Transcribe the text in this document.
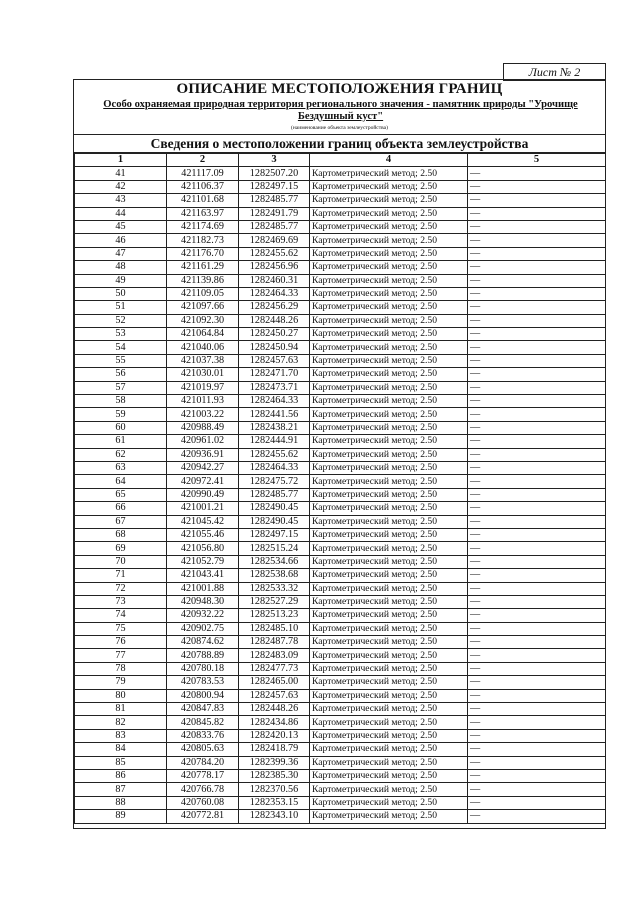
Лист № 2
ОПИСАНИЕ МЕСТОПОЛОЖЕНИЯ ГРАНИЦ
Особо охраняемая природная территория регионального значения - памятник природы "Урочище Бездушный куст"
(наименование объекта землеустройства)
Сведения о местоположении границ объекта землеустройства
1	2	3	4	5
41	421117.09	1282507.20	Картометрический метод; 2.50	—
42	421106.37	1282497.15	Картометрический метод; 2.50	—
43	421101.68	1282485.77	Картометрический метод; 2.50	—
44	421163.97	1282491.79	Картометрический метод; 2.50	—
45	421174.69	1282485.77	Картометрический метод; 2.50	—
46	421182.73	1282469.69	Картометрический метод; 2.50	—
47	421176.70	1282455.62	Картометрический метод; 2.50	—
48	421161.29	1282456.96	Картометрический метод; 2.50	—
49	421139.86	1282460.31	Картометрический метод; 2.50	—
50	421109.05	1282464.33	Картометрический метод; 2.50	—
51	421097.66	1282456.29	Картометрический метод; 2.50	—
52	421092.30	1282448.26	Картометрический метод; 2.50	—
53	421064.84	1282450.27	Картометрический метод; 2.50	—
54	421040.06	1282450.94	Картометрический метод; 2.50	—
55	421037.38	1282457.63	Картометрический метод; 2.50	—
56	421030.01	1282471.70	Картометрический метод; 2.50	—
57	421019.97	1282473.71	Картометрический метод; 2.50	—
58	421011.93	1282464.33	Картометрический метод; 2.50	—
59	421003.22	1282441.56	Картометрический метод; 2.50	—
60	420988.49	1282438.21	Картометрический метод; 2.50	—
61	420961.02	1282444.91	Картометрический метод; 2.50	—
62	420936.91	1282455.62	Картометрический метод; 2.50	—
63	420942.27	1282464.33	Картометрический метод; 2.50	—
64	420972.41	1282475.72	Картометрический метод; 2.50	—
65	420990.49	1282485.77	Картометрический метод; 2.50	—
66	421001.21	1282490.45	Картометрический метод; 2.50	—
67	421045.42	1282490.45	Картометрический метод; 2.50	—
68	421055.46	1282497.15	Картометрический метод; 2.50	—
69	421056.80	1282515.24	Картометрический метод; 2.50	—
70	421052.79	1282534.66	Картометрический метод; 2.50	—
71	421043.41	1282538.68	Картометрический метод; 2.50	—
72	421001.88	1282533.32	Картометрический метод; 2.50	—
73	420948.30	1282527.29	Картометрический метод; 2.50	—
74	420932.22	1282513.23	Картометрический метод; 2.50	—
75	420902.75	1282485.10	Картометрический метод; 2.50	—
76	420874.62	1282487.78	Картометрический метод; 2.50	—
77	420788.89	1282483.09	Картометрический метод; 2.50	—
78	420780.18	1282477.73	Картометрический метод; 2.50	—
79	420783.53	1282465.00	Картометрический метод; 2.50	—
80	420800.94	1282457.63	Картометрический метод; 2.50	—
81	420847.83	1282448.26	Картометрический метод; 2.50	—
82	420845.82	1282434.86	Картометрический метод; 2.50	—
83	420833.76	1282420.13	Картометрический метод; 2.50	—
84	420805.63	1282418.79	Картометрический метод; 2.50	—
85	420784.20	1282399.36	Картометрический метод; 2.50	—
86	420778.17	1282385.30	Картометрический метод; 2.50	—
87	420766.78	1282370.56	Картометрический метод; 2.50	—
88	420760.08	1282353.15	Картометрический метод; 2.50	—
89	420772.81	1282343.10	Картометрический метод; 2.50	—
